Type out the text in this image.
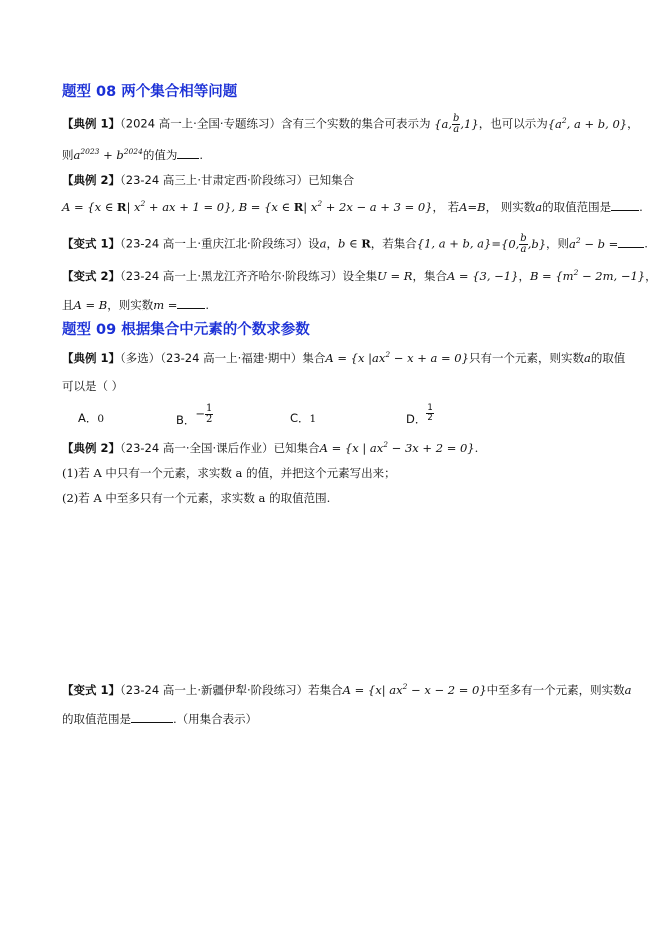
题型 08 两个集合相等问题
【典例 1】（2024 高一上·全国·专题练习）含有三个实数的集合可表示为 {a, $\frac{b}{a} ,1$}，也可以示为{$a^2$, a + b, 0}，
则$a^{2023} + b^{2024}$的值为 .
【典例 2】（23-24 高三上·甘肃定西·阶段练习）已知集合
A = {x ∈ R| $x^2$ + ax + 1 = 0}, B = {x ∈ R| $x^2 + 2x - a + 3 = 0$}， 若A=B， 则实数a的取值范围是 .
【变式 1】（23-24 高一上·重庆江北·阶段练习）设a，b ∈ R，若集合{1, a + b, a}={0, $\frac{b}{a} ,b$}，则$a^2 - b$ = .
【变式 2】（23-24 高一上·黑龙江齐齐哈尔·阶段练习）设全集U = R，集合A = {3, −1}，$B = \{m^2 - 2m$, −1}，
且A = B，则实数m = .
题型 09 根据集合中元素的个数求参数
【典例 1】（多选）（23-24 高一上·福建·期中）集合A = {x $|ax^2 - x + a = 0$}只有一个元素，则实数a的取值
可以是（ ）
A．0	B．− $\frac{1}{2}$	C．1	D． $\frac{1}{2}$
【典例 2】（23-24 高一·全国·课后作业）已知集合A = {x | $ax^2 - 3x + 2 = 0$}.
(1)若 A 中只有一个元素，求实数 a 的值，并把这个元素写出来；
(2)若 A 中至多只有一个元素，求实数 a 的取值范围.
【变式 1】（23-24 高一上·新疆伊犁·阶段练习）若集合A = {x| $ax^2 - x - 2 = 0$}中至多有一个元素，则实数a
的取值范围是	.（用集合表示）
